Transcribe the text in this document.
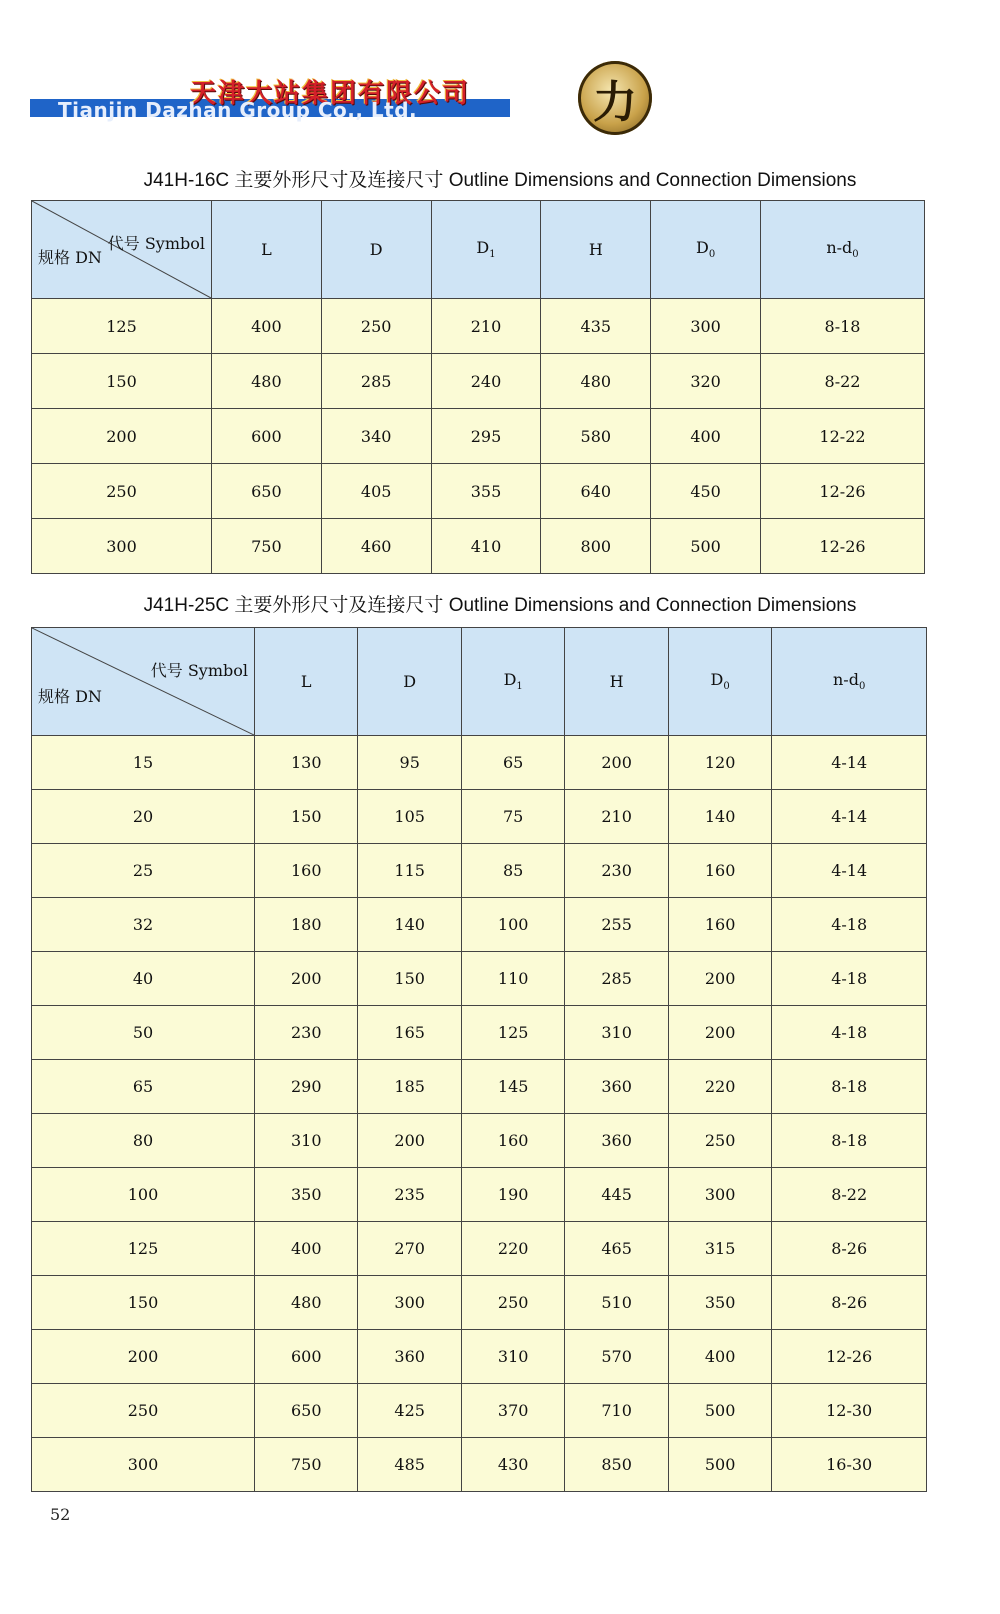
天津大站集团有限公司
Tianjin Dazhan Group Co., Ltd.	力
J41H-16C 主要外形尺寸及连接尺寸 Outline Dimensions and Connection Dimensions
代号 Symbol
规格 DN	L	D	$D_1$	H	$D_0$	$n-d_0$
125	400	250	210	435	300	8-18
150	480	285	240	480	320	8-22
200	600	340	295	580	400	12-22
250	650	405	355	640	450	12-26
300	750	460	410	800	500	12-26
J41H-25C 主要外形尺寸及连接尺寸 Outline Dimensions and Connection Dimensions
代号 Symbol
规格 DN	L	D	$D_1$	H	$D_0$	$n-d_0$
15	130	95	65	200	120	4-14
20	150	105	75	210	140	4-14
25	160	115	85	230	160	4-14
32	180	140	100	255	160	4-18
40	200	150	110	285	200	4-18
50	230	165	125	310	200	4-18
65	290	185	145	360	220	8-18
80	310	200	160	360	250	8-18
100	350	235	190	445	300	8-22
125	400	270	220	465	315	8-26
150	480	300	250	510	350	8-26
200	600	360	310	570	400	12-26
250	650	425	370	710	500	12-30
300	750	485	430	850	500	16-30
52
